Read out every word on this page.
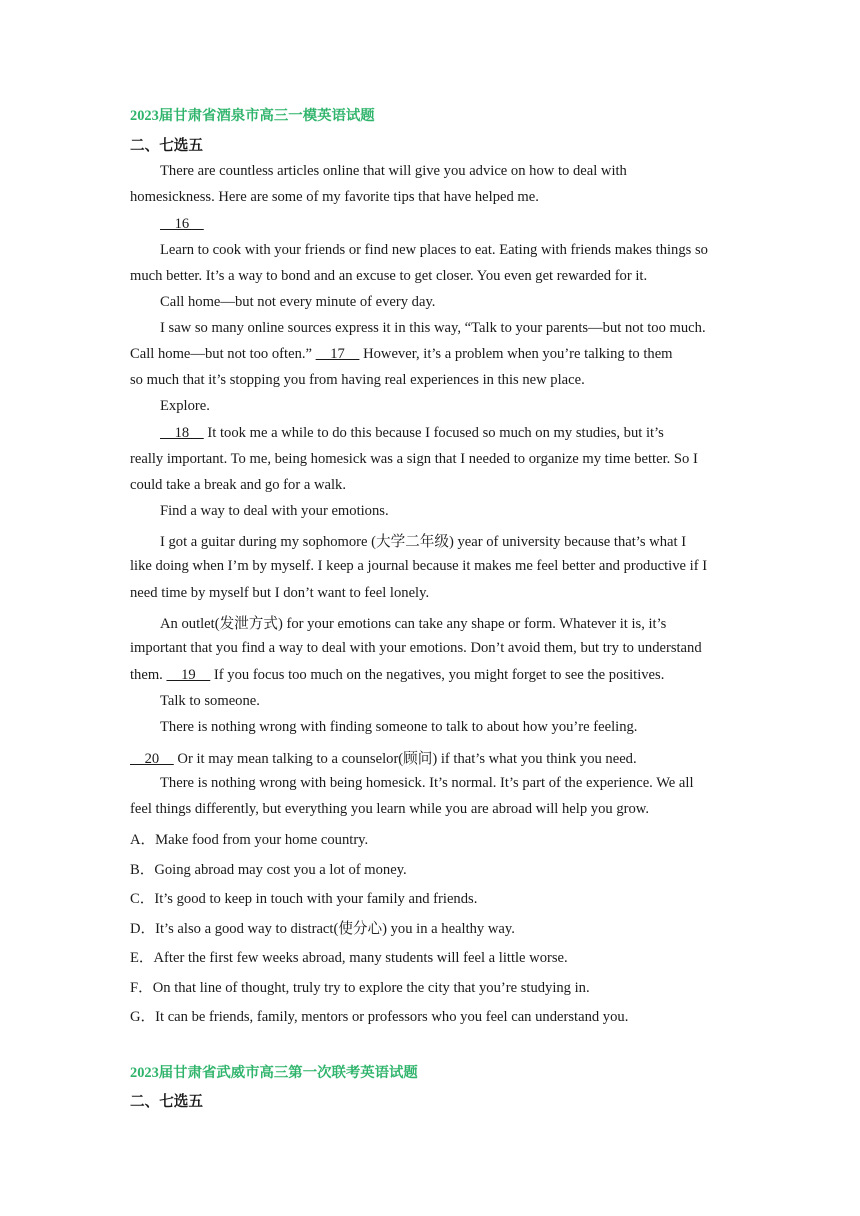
2023届甘肃省酒泉市高三一模英语试题
二、七选五
There are countless articles online that will give you advice on how to deal with
homesickness. Here are some of my favorite tips that have helped me.
16
Learn to cook with your friends or find new places to eat. Eating with friends makes things so
much better. It’s a way to bond and an excuse to get closer. You even get rewarded for it.
Call home—but not every minute of every day.
I saw so many online sources express it in this way, “Talk to your parents—but not too much.
Call home—but not too often.”     17     However, it’s a problem when you’re talking to them
so much that it’s stopping you from having real experiences in this new place.
Explore.
18     It took me a while to do this because I focused so much on my studies, but it’s
really important. To me, being homesick was a sign that I needed to organize my time better. So I
could take a break and go for a walk.
Find a way to deal with your emotions.
I got a guitar during my sophomore (大学二年级) year of university because that’s what I
like doing when I’m by myself. I keep a journal because it makes me feel better and productive if I
need time by myself but I don’t want to feel lonely.
An outlet(发泄方式) for your emotions can take any shape or form. Whatever it is, it’s
important that you find a way to deal with your emotions. Don’t avoid them, but try to understand
them.     19     If you focus too much on the negatives, you might forget to see the positives.
Talk to someone.
There is nothing wrong with finding someone to talk to about how you’re feeling.
20     Or it may mean talking to a counselor(顾问) if that’s what you think you need.
There is nothing wrong with being homesick. It’s normal. It’s part of the experience. We all
feel things differently, but everything you learn while you are abroad will help you grow.
A．Make food from your home country.
B．Going abroad may cost you a lot of money.
C．It’s good to keep in touch with your family and friends.
D．It’s also a good way to distract(使分心) you in a healthy way.
E．After the first few weeks abroad, many students will feel a little worse.
F．On that line of thought, truly try to explore the city that you’re studying in.
G．It can be friends, family, mentors or professors who you feel can understand you.
2023届甘肃省武威市高三第一次联考英语试题
二、七选五
